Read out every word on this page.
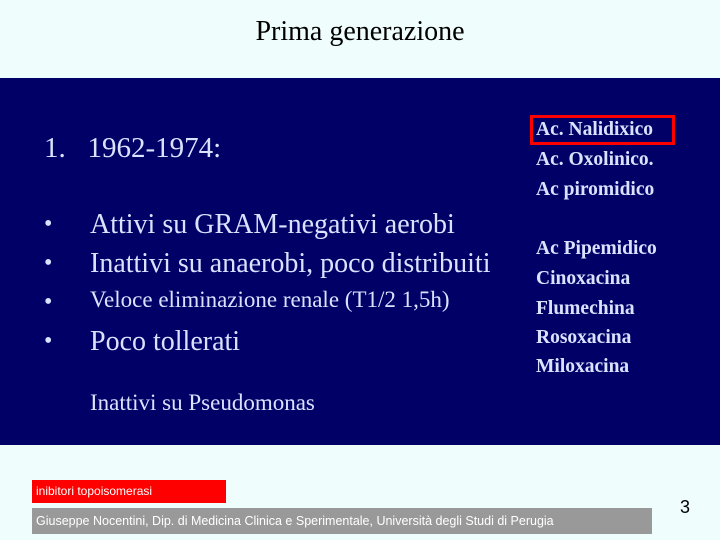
Prima generazione
1. 1962-1974:
• Attivi su GRAM-negativi aerobi
• Inattivi su anaerobi, poco distribuiti
• Veloce eliminazione renale (T1/2 1,5h)
• Poco tollerati
Inattivi su Pseudomonas
Ac. Nalidixico
Ac. Oxolinico.
Ac piromidico
Ac Pipemidico
Cinoxacina
Flumechina
Rosoxacina
Miloxacina
inibitori topoisomerasi
Giuseppe Nocentini, Dip. di Medicina Clinica e Sperimentale, Università degli Studi di Perugia
3
